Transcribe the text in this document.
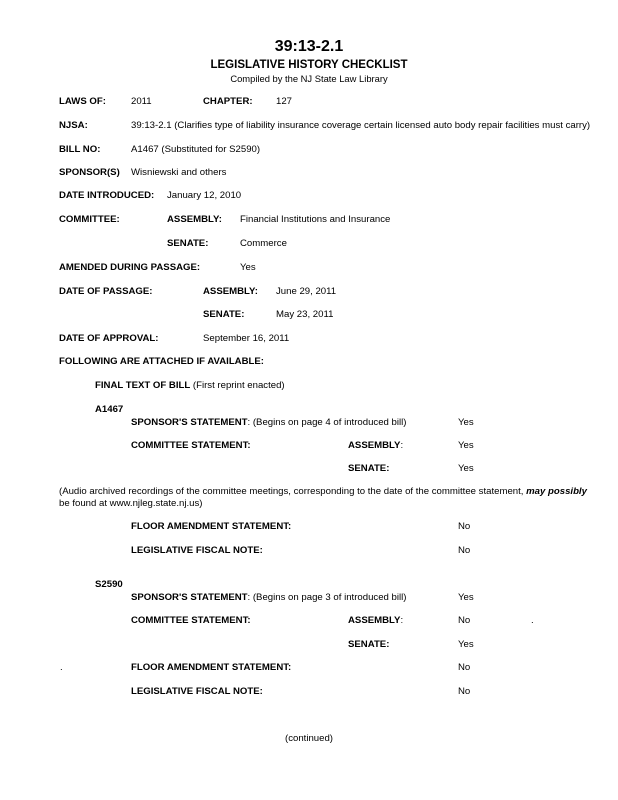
39:13-2.1
LEGISLATIVE HISTORY CHECKLIST
Compiled by the NJ State Law Library
LAWS OF:	2011	CHAPTER: 127
NJSA:	39:13-2.1 (Clarifies type of liability insurance coverage certain licensed auto body repair facilities must carry)
BILL NO:	A1467 (Substituted for S2590)
SPONSOR(S) Wisniewski and others
DATE INTRODUCED: January 12, 2010
COMMITTEE:	ASSEMBLY: Financial Institutions and Insurance
SENATE:	Commerce
AMENDED DURING PASSAGE:	Yes
DATE OF PASSAGE:	ASSEMBLY: June 29, 2011
SENATE:	May 23, 2011
DATE OF APPROVAL:	September 16, 2011
FOLLOWING ARE ATTACHED IF AVAILABLE:
FINAL TEXT OF BILL (First reprint enacted)
A1467
SPONSOR'S STATEMENT: (Begins on page 4 of introduced bill)	Yes
COMMITTEE STATEMENT:	ASSEMBLY:	Yes
SENATE:	Yes
(Audio archived recordings of the committee meetings, corresponding to the date of the committee statement, may possibly be found at www.njleg.state.nj.us)
FLOOR AMENDMENT STATEMENT:	No
LEGISLATIVE FISCAL NOTE:	No
S2590
SPONSOR'S STATEMENT: (Begins on page 3 of introduced bill)	Yes
COMMITTEE STATEMENT:	ASSEMBLY:	No	.
SENATE:	Yes
.	FLOOR AMENDMENT STATEMENT:	No
LEGISLATIVE FISCAL NOTE:	No
(continued)
